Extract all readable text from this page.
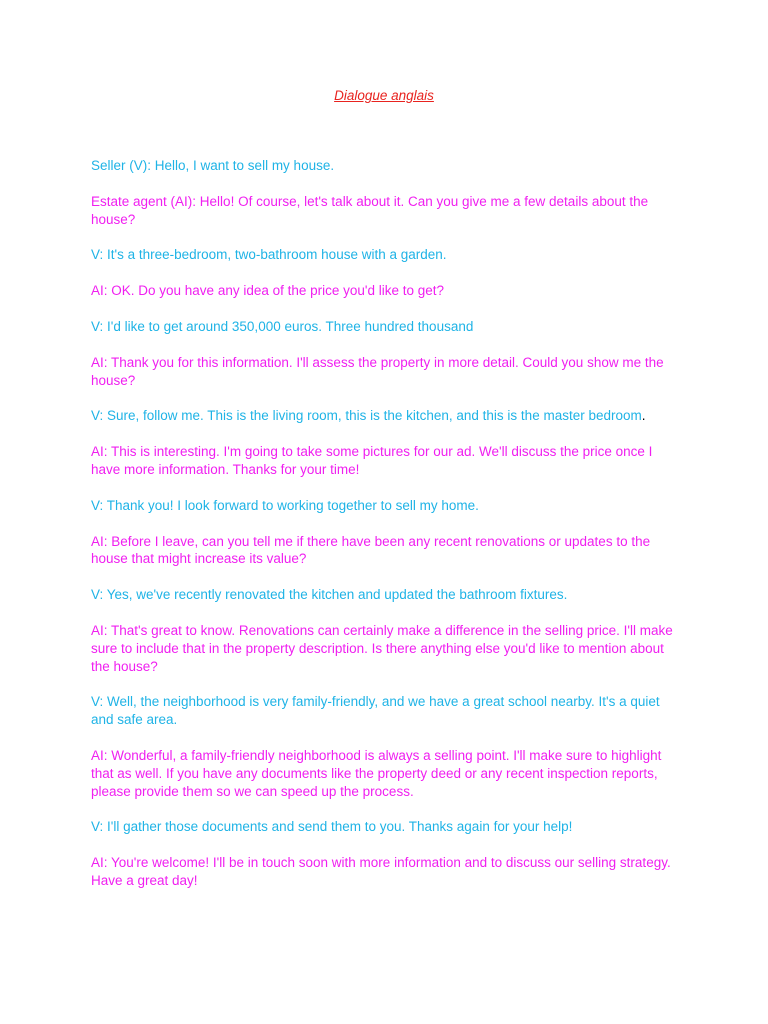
Dialogue anglais

Seller (V): Hello, I want to sell my house.

Estate agent (AI): Hello! Of course, let's talk about it. Can you give me a few details about the house?

V: It's a three-bedroom, two-bathroom house with a garden.

AI: OK. Do you have any idea of the price you'd like to get?

V: I'd like to get around 350,000 euros. Three hundred thousand

AI: Thank you for this information. I'll assess the property in more detail. Could you show me the house?

V: Sure, follow me. This is the living room, this is the kitchen, and this is the master bedroom.

AI: This is interesting. I'm going to take some pictures for our ad. We'll discuss the price once I have more information. Thanks for your time!

V: Thank you! I look forward to working together to sell my home.

AI: Before I leave, can you tell me if there have been any recent renovations or updates to the house that might increase its value?

V: Yes, we've recently renovated the kitchen and updated the bathroom fixtures.

AI: That's great to know. Renovations can certainly make a difference in the selling price. I'll make sure to include that in the property description. Is there anything else you'd like to mention about the house?

V: Well, the neighborhood is very family-friendly, and we have a great school nearby. It's a quiet and safe area.

AI: Wonderful, a family-friendly neighborhood is always a selling point. I'll make sure to highlight that as well. If you have any documents like the property deed or any recent inspection reports, please provide them so we can speed up the process.

V: I'll gather those documents and send them to you. Thanks again for your help!

AI: You're welcome! I'll be in touch soon with more information and to discuss our selling strategy. Have a great day!
